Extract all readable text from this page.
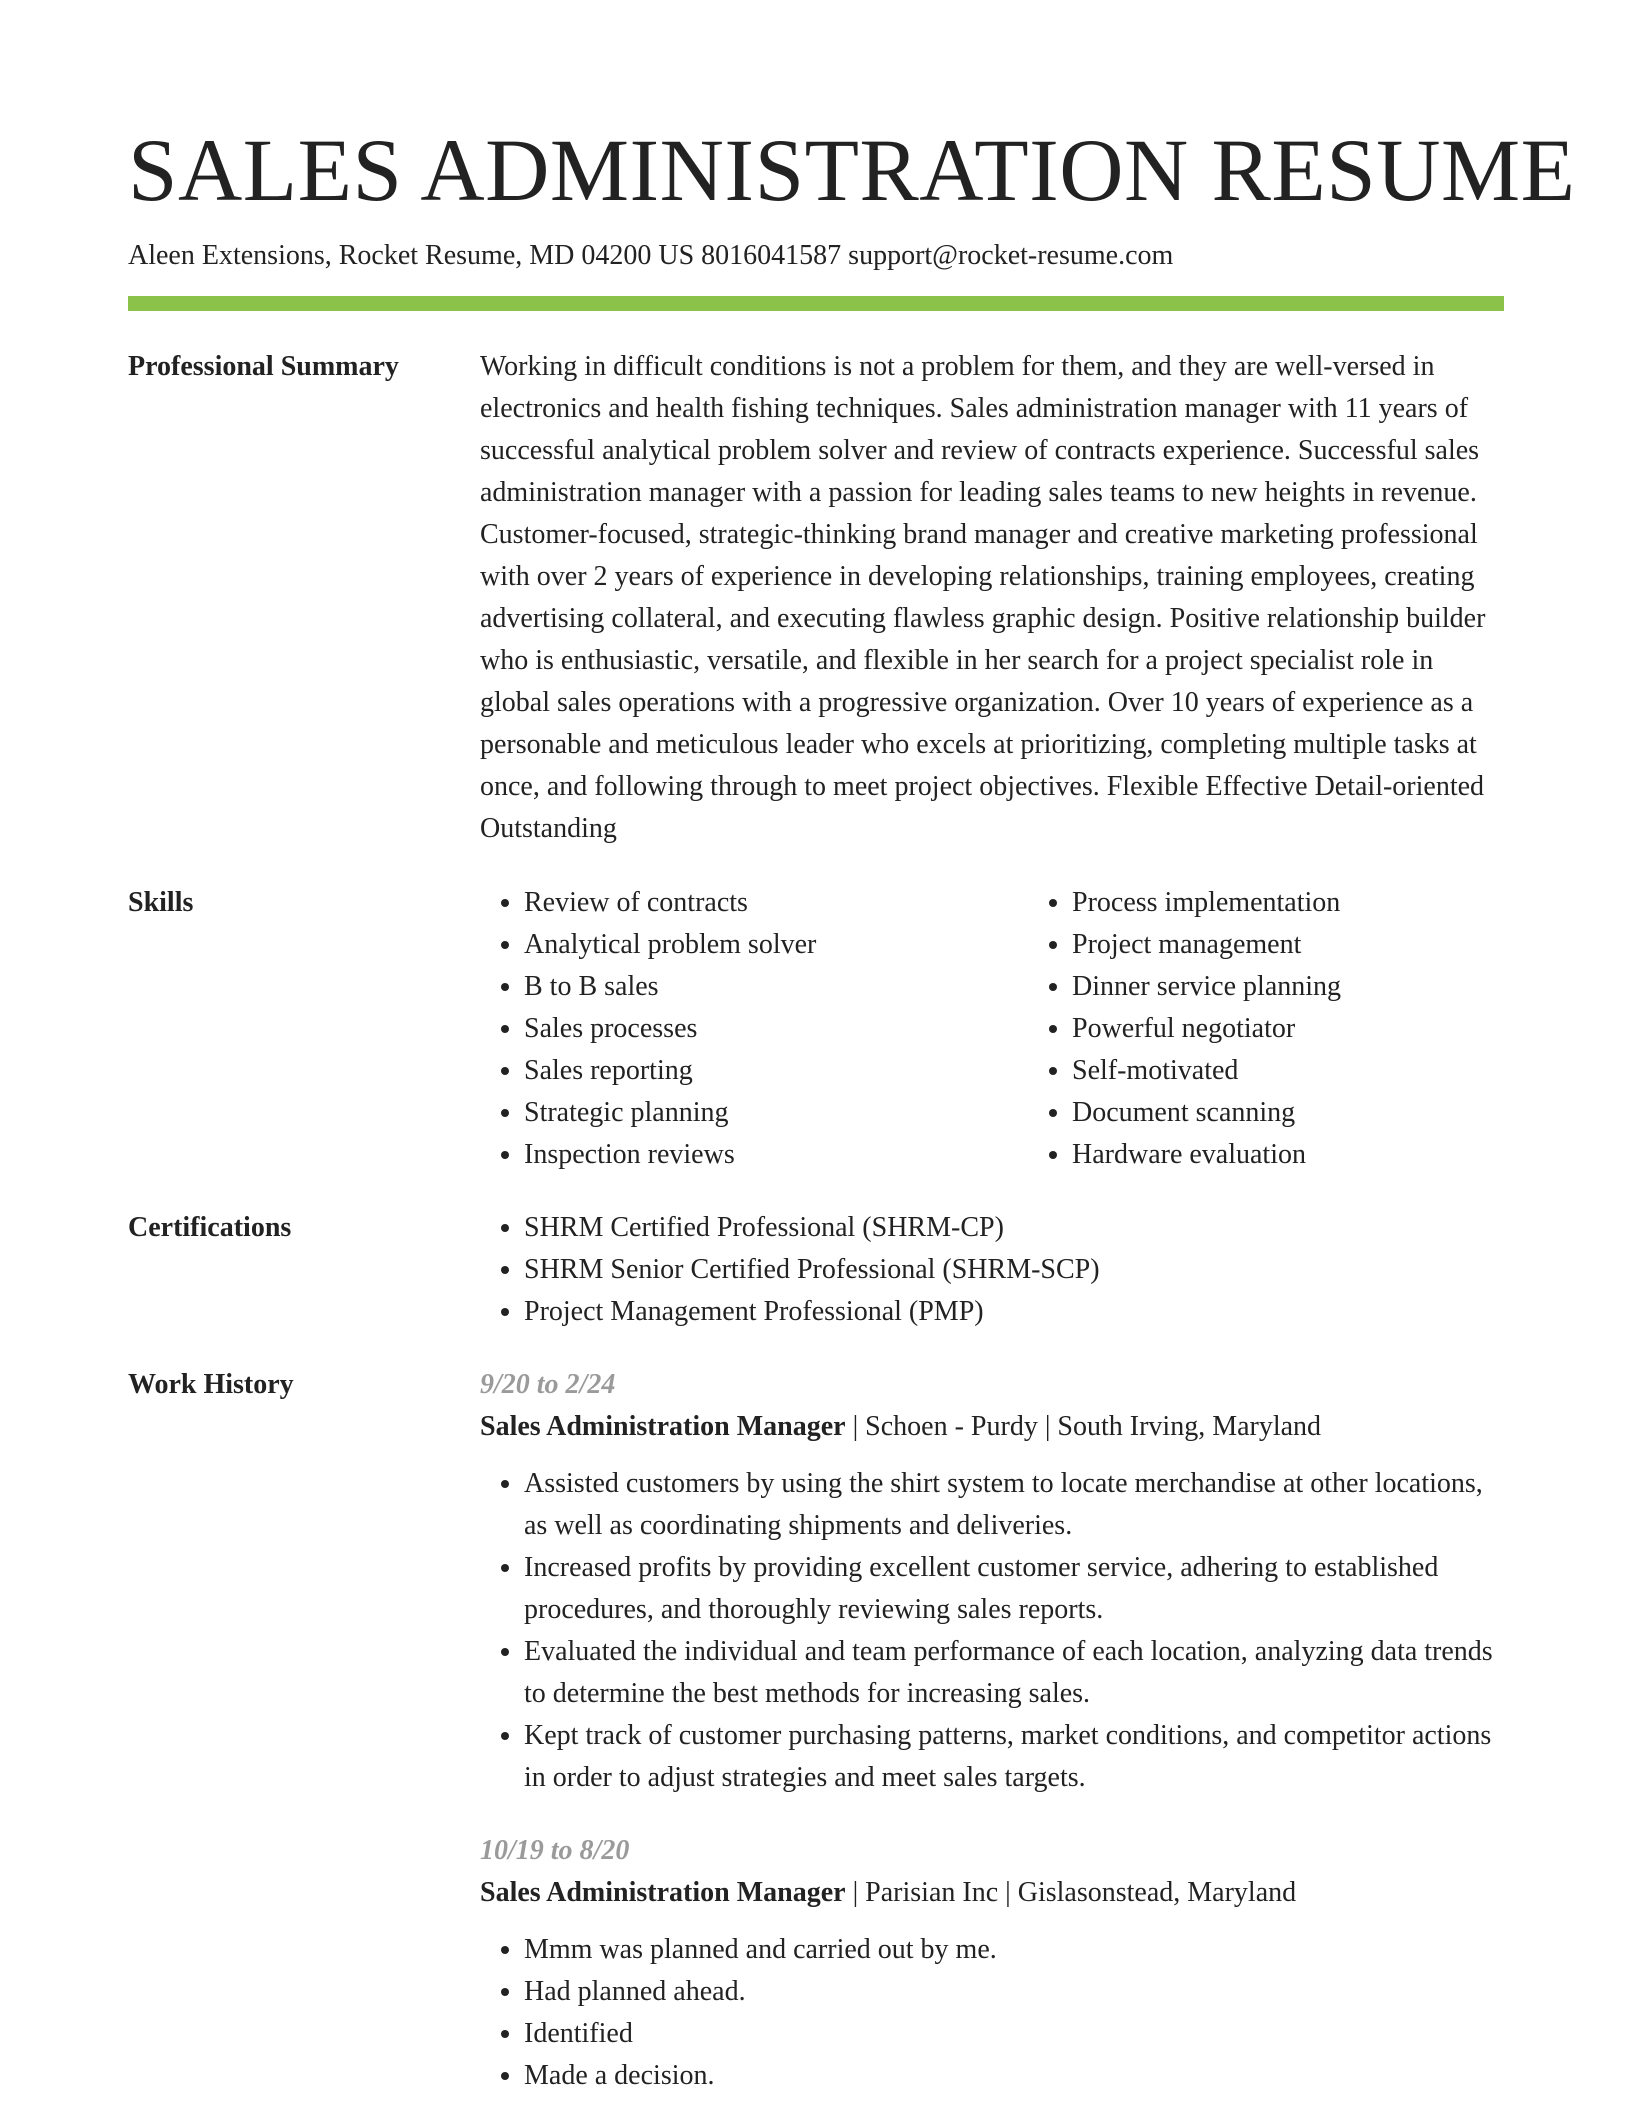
SALES ADMINISTRATION RESUME
Aleen Extensions, Rocket Resume, MD 04200 US 8016041587 support@rocket-resume.com
Professional Summary	Working in difficult conditions is not a problem for them, and they are well-versed in electronics and health fishing techniques. Sales administration manager with 11 years of successful analytical problem solver and review of contracts experience. Successful sales administration manager with a passion for leading sales teams to new heights in revenue. Customer-focused, strategic-thinking brand manager and creative marketing professional with over 2 years of experience in developing relationships, training employees, creating advertising collateral, and executing flawless graphic design. Positive relationship builder who is enthusiastic, versatile, and flexible in her search for a project specialist role in global sales operations with a progressive organization. Over 10 years of experience as a personable and meticulous leader who excels at prioritizing, completing multiple tasks at once, and following through to meet project objectives. Flexible Effective Detail-oriented Outstanding

Skills	• Review of contracts
• Analytical problem solver
• B to B sales
• Sales processes
• Sales reporting
• Strategic planning
• Inspection reviews
• Process implementation
• Project management
• Dinner service planning
• Powerful negotiator
• Self-motivated
• Document scanning
• Hardware evaluation
Certifications	• SHRM Certified Professional (SHRM-CP)
• SHRM Senior Certified Professional (SHRM-SCP)
• Project Management Professional (PMP)
Work History	9/20 to 2/24
Sales Administration Manager | Schoen - Purdy | South Irving, Maryland
• Assisted customers by using the shirt system to locate merchandise at other locations, as well as coordinating shipments and deliveries.
• Increased profits by providing excellent customer service, adhering to established procedures, and thoroughly reviewing sales reports.
• Evaluated the individual and team performance of each location, analyzing data trends to determine the best methods for increasing sales.
• Kept track of customer purchasing patterns, market conditions, and competitor actions in order to adjust strategies and meet sales targets.
10/19 to 8/20
Sales Administration Manager | Parisian Inc | Gislasonstead, Maryland
• Mmm was planned and carried out by me.
• Had planned ahead.
• Identified
• Made a decision.
